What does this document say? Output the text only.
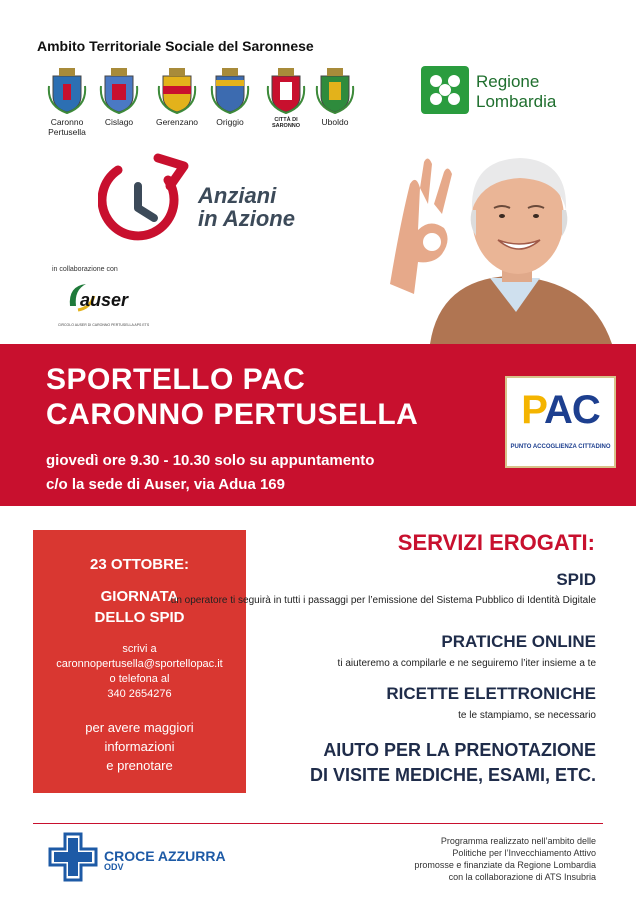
Ambito Territoriale Sociale del Saronnese
Caronno
Pertusella
Cislago	Gerenzano	Origgio	CITTÀ DI
SARONNO	Uboldo
Regione
Lombardia
Anziani
in Azione
in collaborazione con
auser
CIRCOLO AUSER DI CARONNO PERTUSELLA APS ETS
SPORTELLO PAC
CARONNO PERTUSELLA
giovedì ore 9.30 - 10.30 solo su appuntamento
c/o la sede di Auser, via Adua 169
PAC
PUNTO ACCOGLIENZA CITTADINO
23 OTTOBRE:
GIORNATA
DELLO SPID
scrivi a
caronnopertusella@sportellopac.it
o telefona al
340 2654276
per avere maggiori
informazioni
e prenotare
SERVIZI EROGATI:
SPID
un operatore ti seguirà in tutti i passaggi per l’emissione del Sistema Pubblico di Identità Digitale
PRATICHE ONLINE
ti aiuteremo a compilarle e ne seguiremo l’iter insieme a te
RICETTE ELETTRONICHE
te le stampiamo, se necessario
AIUTO PER LA PRENOTAZIONE
DI VISITE MEDICHE, ESAMI, ETC.
CROCE AZZURRA
ODV
Programma realizzato nell’ambito delle
Politiche per l’Invecchiamento Attivo
promosse e finanziate da Regione Lombardia
con la collaborazione di ATS Insubria
